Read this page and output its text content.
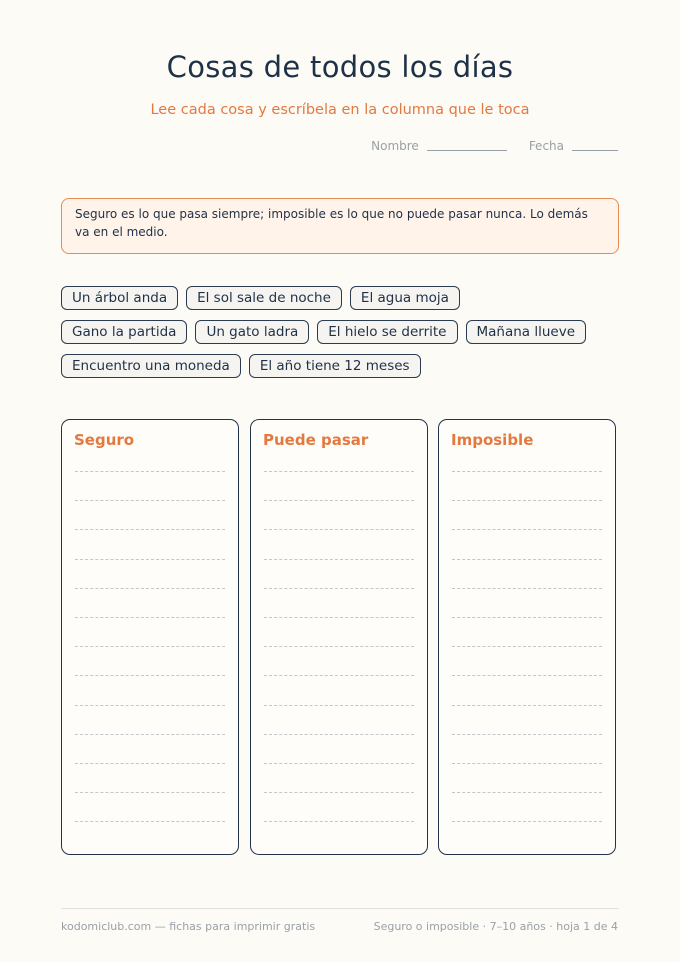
Cosas de todos los días
Lee cada cosa y escríbela en la columna que le toca
Nombre	Fecha
Seguro es lo que pasa siempre; imposible es lo que no puede pasar nunca. Lo demás va en el medio.
Un árbol anda	El sol sale de noche	El agua moja
Gano la partida	Un gato ladra	El hielo se derrite	Mañana llueve
Encuentro una moneda	El año tiene 12 meses
Seguro	Puede pasar	Imposible
kodomiclub.com — fichas para imprimir gratis	Seguro o imposible · 7–10 años · hoja 1 de 4
